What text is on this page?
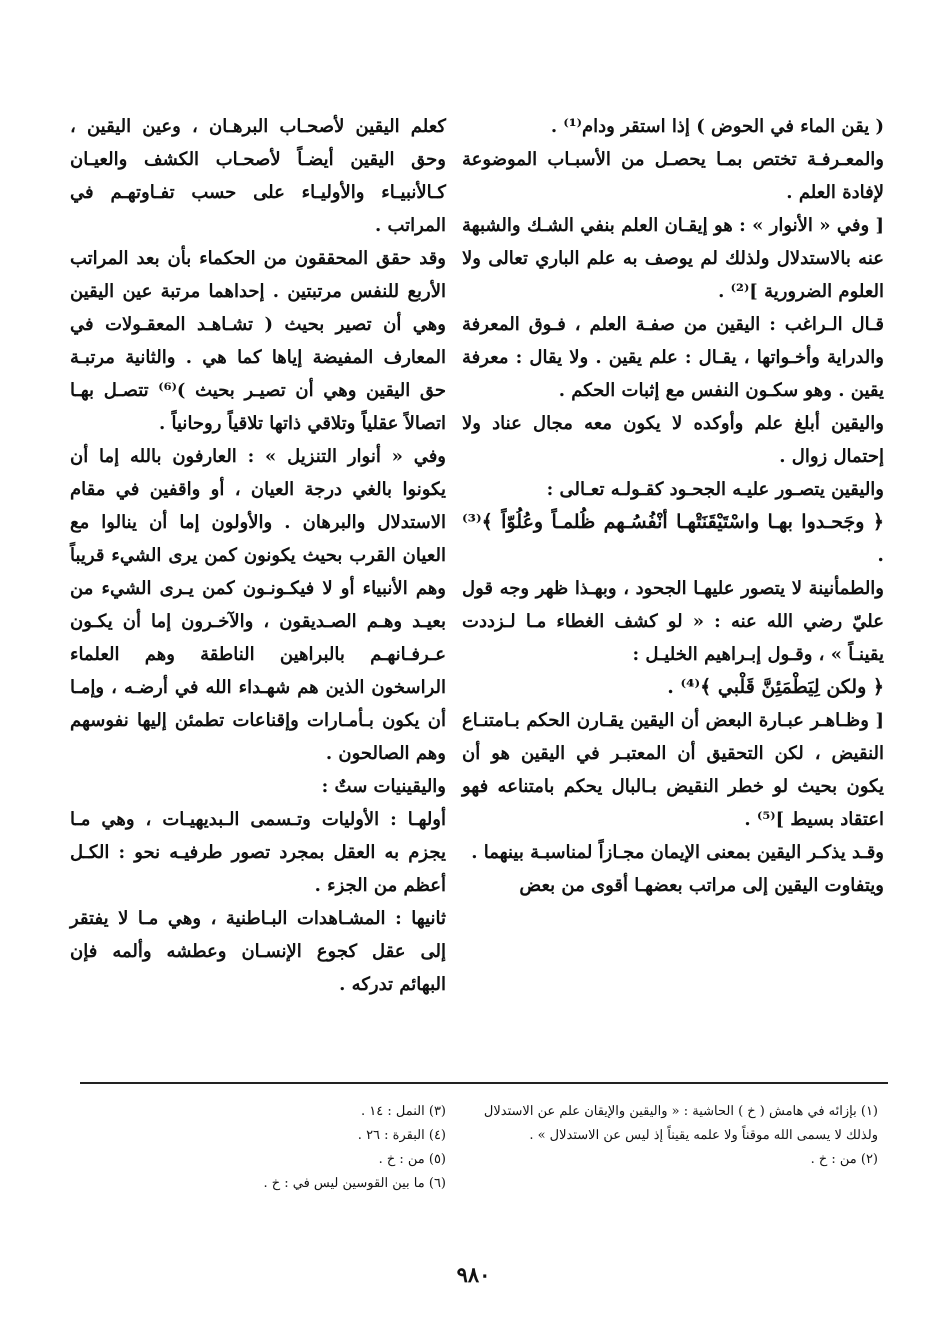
( يقن الماء في الحوض ) إذا استقر ودام⁽¹⁾ .

والمعـرفـة تختص بمـا يحصـل من الأسبـاب الموضوعة لإفادة العلم .

[ وفي « الأنوار » : هو إيقـان العلم بنفي الشـك والشبهة عنه بالاستدلال ولذلك لم يوصف به علم الباري تعالى ولا العلوم الضرورية ]⁽²⁾ .

قـال الـراغب : اليقين من صفـة العلم ، فـوق المعرفة والدراية وأخـواتها ، يقـال : علم يقين . ولا يقال : معرفة يقين . وهو سكـون النفس مع إثبات الحكم .

واليقين أبلغ علم وأوكده لا يكون معه مجال عناد ولا إحتمال زوال .

واليقين يتصـور عليـه الجحـود كقـولـه تعـالى :

﴿ وجَحـدوا بهـا واسْتَيْقَنَتْهـا أنْفُسُـهم ظُلمـاً وعُلُوّاً ﴾⁽³⁾ .

والطمأنينة لا يتصور عليهـا الجحود ، وبهـذا ظهر وجه قول عليّ رضي الله عنه : « لو كشف الغطاء مـا لـزددت يقينـاً » ، وقـول إبـراهيم الخليـل :

﴿ ولكن لِيَطْمَئِنَّ قَلْبي ﴾⁽⁴⁾ .

[ وظـاهـر عبـارة البعض أن اليقين يقـارن الحكم بـامتنـاع النقيض ، لكن التحقيق أن المعتبـر في اليقين هو أن يكون بحيث لو خطر النقيض بـالبال يحكم بامتناعه فهو اعتقاد بسيط ]⁽⁵⁾ .

وقـد يذكـر اليقين بمعنى الإيمان مجـازاً لمناسبـة بينهما .

ويتفاوت اليقين إلى مراتب بعضهـا أقوى من بعض

كعلم اليقين لأصحـاب البرهـان ، وعين اليقين ، وحق اليقين أيضـاً لأصحـاب الكشف والعيـان كـالأنبيـاء والأوليـاء على حسب تفـاوتهـم في المراتب .

وقد حقق المحققون من الحكماء بأن بعد المراتب الأربع للنفس مرتبتين . إحداهما مرتبة عين اليقين وهي أن تصير بحيث ( تشـاهـد المعقـولات في المعارف المفيضة إياها كما هي . والثانية مرتبـة حق اليقين وهي أن تصيـر بحيث )⁽⁶⁾ تتصـل بهـا اتصالاً عقلياً وتلاقي ذاتها تلاقياً روحانياً .

وفي « أنوار التنزيل » : العارفون بالله إما أن يكونوا بالغي درجة العيان ، أو واقفين في مقام الاستدلال والبرهان . والأولون إما أن ينالوا مع العيان القرب بحيث يكونون كمن يرى الشيء قريباً وهم الأنبياء أو لا فيكـونـون كمن يـرى الشيء من بعيـد وهـم الصـديقون ، والآخـرون إما أن يكـون عـرفـانهـم بالبراهين الناطقة وهم العلماء الراسخون الذين هم شهـداء الله في أرضـه ، وإمـا أن يكون بـأمـارات وإقناعات تطمئن إليها نفوسهم وهم الصالحون .

واليقينيات ستٌ :

أولهـا : الأوليات وتـسمى الـبديهيـات ، وهي مـا يجزم به العقل بمجرد تصور طرفيـه نحو : الكـل أعظم من الجزء .

ثانيها : المشـاهدات البـاطنية ، وهي مـا لا يفتقر إلى عقل كجوع الإنسـان وعطشه وألمه فإن البهائم تدركه .

(١) بإزائه في هامش ( خ ) الحاشية : « واليقين والإيقان علم عن الاستدلال ولذلك لا يسمى الله موقناً ولا علمه يقيناً إذ ليس عن الاستدلال » .

(٢) من : خ .

(٣) النمل : ١٤ .

(٤) البقرة : ٢٦ .

(٥) من : خ .

(٦) ما بين القوسين ليس في : خ .

٩٨٠
